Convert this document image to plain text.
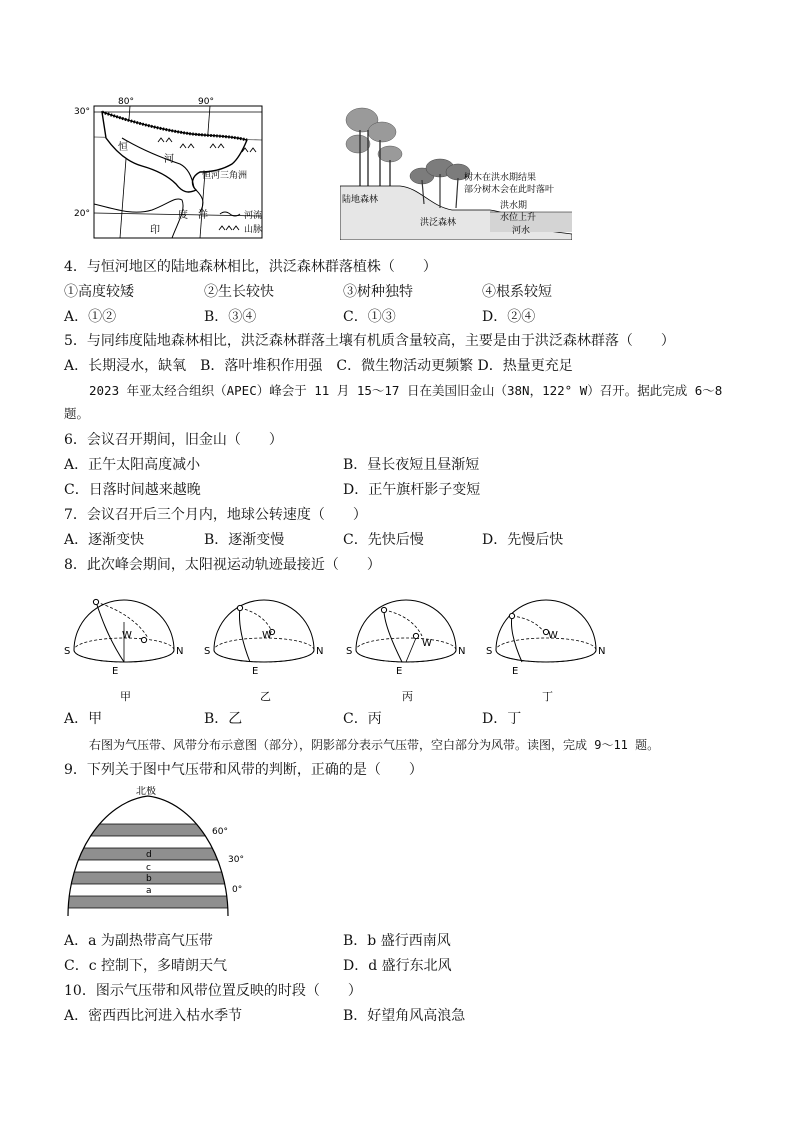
80°	90°
30°
20°
恒
河
恒河三角洲
度 洋
印
河流
山脉
陆地森林
洪泛森林
树木在洪水期结果
部分树木会在此时落叶
洪水期
水位上升
河水
4．与恒河地区的陆地森林相比，洪泛森林群落植株（　　）
①高度较矮	②生长较快	③树种独特	④根系较短
A．①②	B．③④	C．①③	D．②④
5．与同纬度陆地森林相比，洪泛森林群落土壤有机质含量较高，主要是由于洪泛森林群落（　　）
A．长期浸水，缺氧　B．落叶堆积作用强　C．微生物活动更频繁 D．热量更充足
2023 年亚太经合组织（APEC）峰会于 11 月 15～17 日在美国旧金山（38N，122° W）召开。据此完成 6～8
题。
6．会议召开期间，旧金山（　　）
A．正午太阳高度减小	B．昼长夜短且昼渐短
C．日落时间越来越晚	D．正午旗杆影子变短
7．会议召开后三个月内，地球公转速度（　　）
A．逐渐变快	B．逐渐变慢	C．先快后慢	D．先慢后快
8．此次峰会期间，太阳视运动轨迹最接近（　　）
S	N
W
E
甲
S	N
W
E
乙
S	N
W
E
丙
S	N
W
E
丁
A．甲	B．乙	C．丙	D．丁
右图为气压带、风带分布示意图（部分），阴影部分表示气压带，空白部分为风带。读图，完成 9～11 题。
9．下列关于图中气压带和风带的判断，正确的是（　　）
北极
60°
30°
0°
d
c
b
a
A．a 为副热带高气压带	B．b 盛行西南风
C．c 控制下，多晴朗天气	D．d 盛行东北风
10．图示气压带和风带位置反映的时段（　　）
A．密西西比河进入枯水季节	B．好望角风高浪急
